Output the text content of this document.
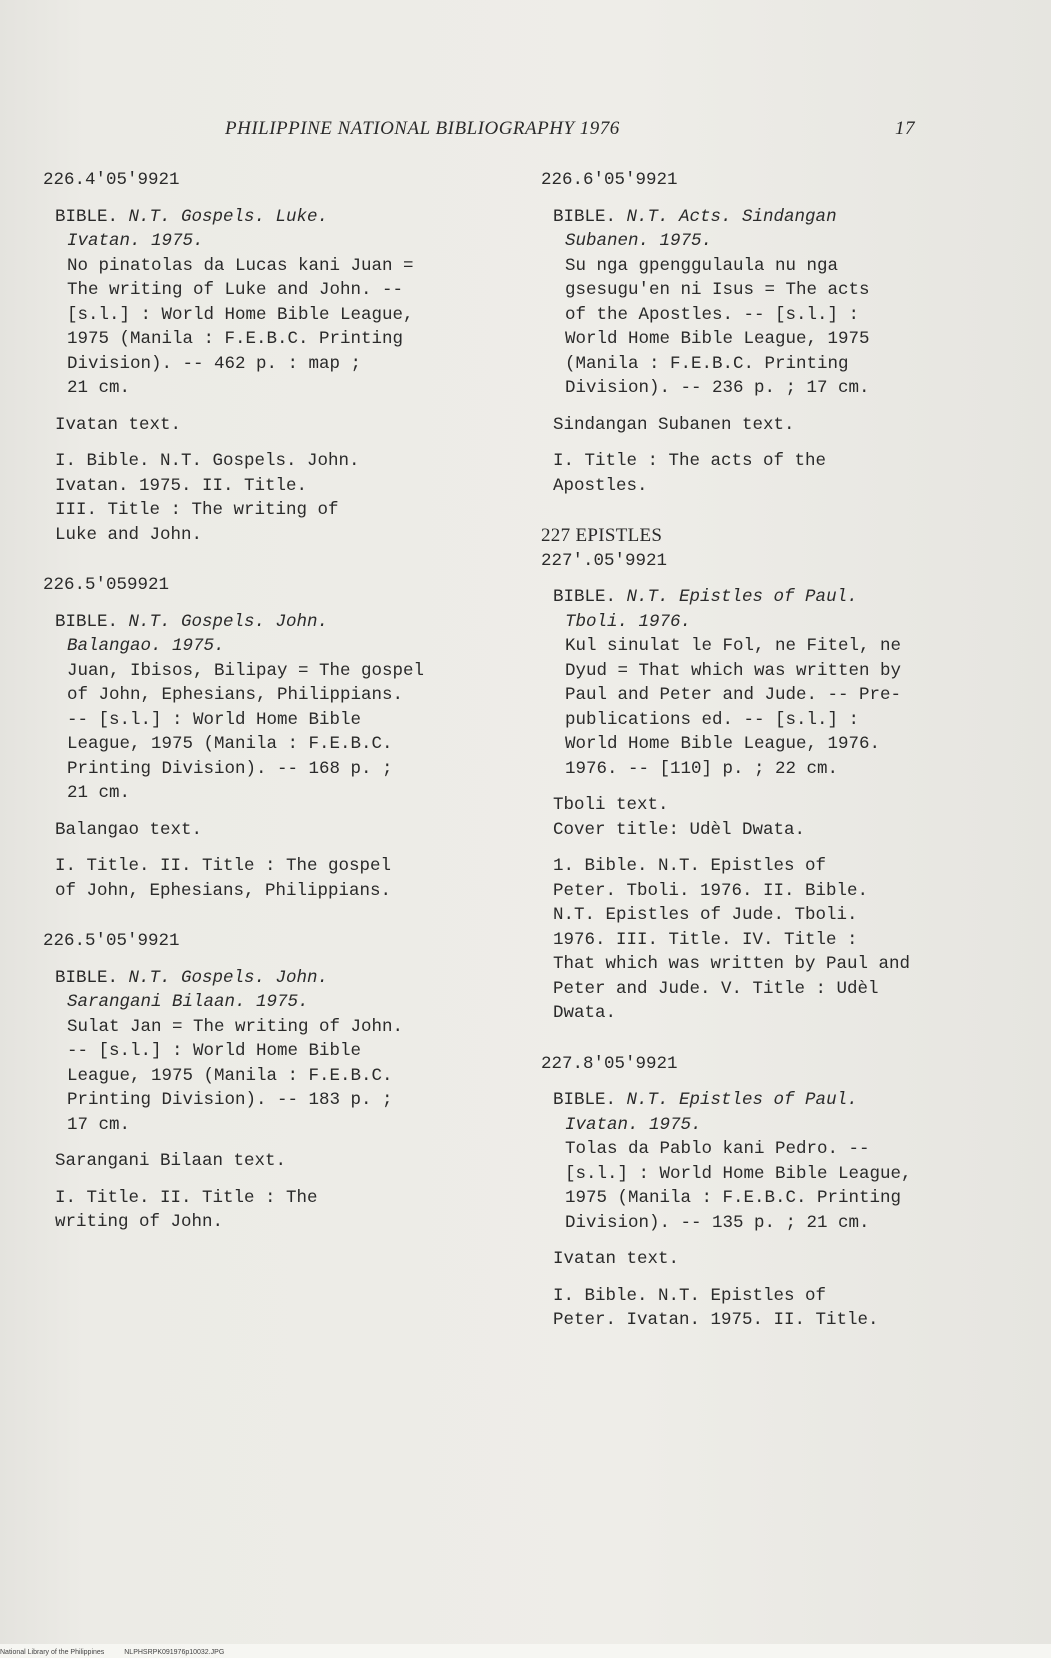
PHILIPPINE NATIONAL BIBLIOGRAPHY 1976	17
226.4'05'9921
BIBLE. N.T. Gospels. Luke.
Ivatan. 1975.
No pinatolas da Lucas kani Juan =
The writing of Luke and John. --
[s.l.] : World Home Bible League,
1975 (Manila : F.E.B.C. Printing
Division). -- 462 p. : map ;
21 cm.
Ivatan text.
I. Bible. N.T. Gospels. John.
Ivatan. 1975. II. Title.
III. Title : The writing of
Luke and John.
226.5'059921
BIBLE. N.T. Gospels. John.
Balangao. 1975.
Juan, Ibisos, Bilipay = The gospel
of John, Ephesians, Philippians.
-- [s.l.] : World Home Bible
League, 1975 (Manila : F.E.B.C.
Printing Division). -- 168 p. ;
21 cm.
Balangao text.
I. Title. II. Title : The gospel
of John, Ephesians, Philippians.
226.5'05'9921
BIBLE. N.T. Gospels. John.
Sarangani Bilaan. 1975.
Sulat Jan = The writing of John.
-- [s.l.] : World Home Bible
League, 1975 (Manila : F.E.B.C.
Printing Division). -- 183 p. ;
17 cm.
Sarangani Bilaan text.
I. Title. II. Title : The
writing of John.
226.6'05'9921
BIBLE. N.T. Acts. Sindangan
Subanen. 1975.
Su nga gpenggulaula nu nga
gsesugu'en ni Isus = The acts
of the Apostles. -- [s.l.] :
World Home Bible League, 1975
(Manila : F.E.B.C. Printing
Division). -- 236 p. ; 17 cm.
Sindangan Subanen text.
I. Title : The acts of the
Apostles.
227 EPISTLES
227'.05'9921
BIBLE. N.T. Epistles of Paul.
Tboli. 1976.
Kul sinulat le Fol, ne Fitel, ne
Dyud = That which was written by
Paul and Peter and Jude. -- Pre-
publications ed. -- [s.l.] :
World Home Bible League, 1976.
1976. -- [110] p. ; 22 cm.
Tboli text.
Cover title: Udèl Dwata.
1. Bible. N.T. Epistles of
Peter. Tboli. 1976. II. Bible.
N.T. Epistles of Jude. Tboli.
1976. III. Title. IV. Title :
That which was written by Paul and
Peter and Jude. V. Title : Udèl
Dwata.
227.8'05'9921
BIBLE. N.T. Epistles of Paul.
Ivatan. 1975.
Tolas da Pablo kani Pedro. --
[s.l.] : World Home Bible League,
1975 (Manila : F.E.B.C. Printing
Division). -- 135 p. ; 21 cm.
Ivatan text.
I. Bible. N.T. Epistles of
Peter. Ivatan. 1975. II. Title.
National Library of the Philippines	NLPHSRPK091976p10032.JPG
